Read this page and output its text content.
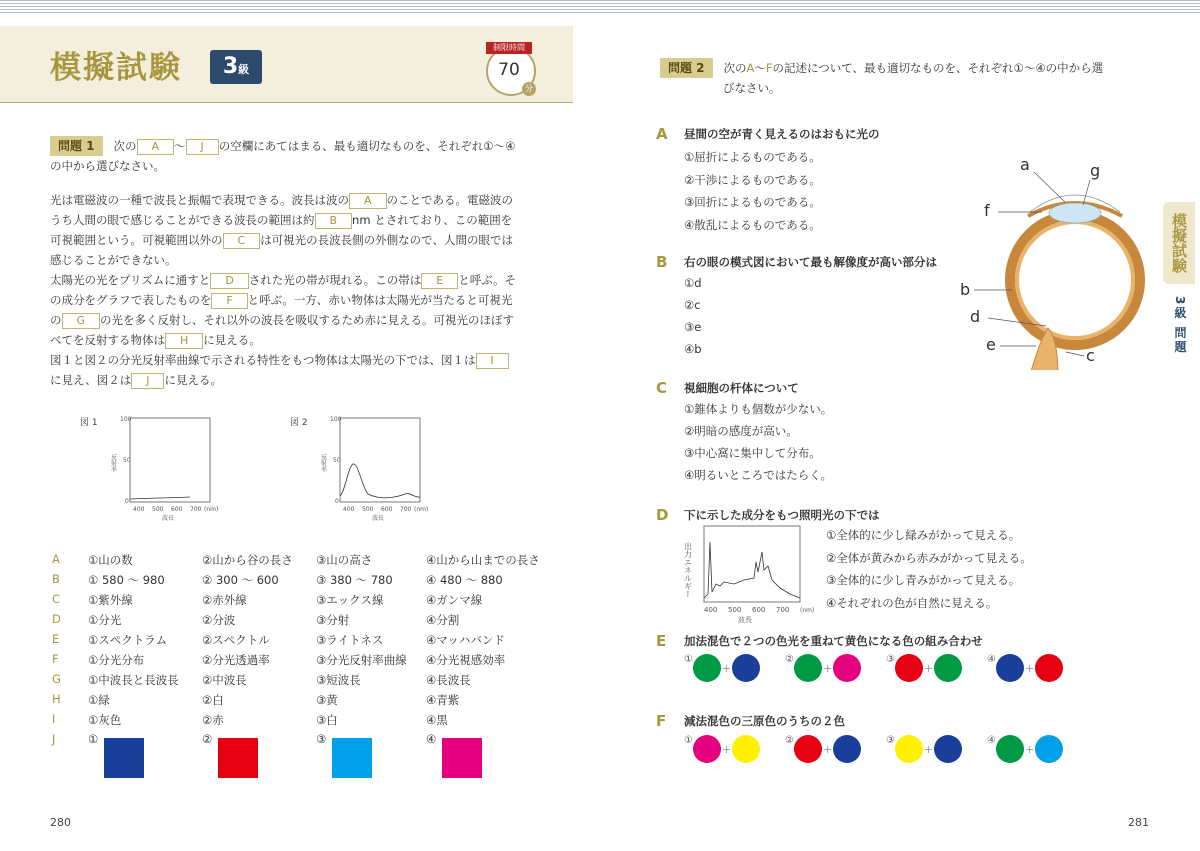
模擬試験	3級
制限時間
70
分
問題 1 次の A ～ J の空欄にあてはまる、最も適切なものを、それぞれ①～④
の中から選びなさい。
光は電磁波の一種で波長と振幅で表現できる。波長は波の A のことである。電磁波の
うち人間の眼で感じることができる波長の範囲は約 B nm とされており、この範囲を
可視範囲という。可視範囲以外の C は可視光の長波長側の外側なので、人間の眼では
感じることができない。
太陽光の光をプリズムに通すと D された光の帯が現れる。この帯は E と呼ぶ。そ
の成分をグラフで表したものを F と呼ぶ。一方、赤い物体は太陽光が当たると可視光
の G の光を多く反射し、それ以外の波長を吸収するため赤に見える。可視光のほぼす
べてを反射する物体は H に見える。
図１と図２の分光反射率曲線で示される特性をもつ物体は太陽光の下では、図１は I
に見え、図２は J に見える。
図 1	100
50
0
反射率
400 500 600 700 (nm)
波長
図 2	100
50
0
反射率
400 500 600 700 (nm)
波長
A ①山の数	②山から谷の長さ ③山の高さ	④山から山までの長さ
B ① 580 ～ 980	② 300 ～ 600	③ 380 ～ 780	④ 480 ～ 880
C ①紫外線	②赤外線	③エックス線	④ガンマ線
D ①分光	②分波	③分射	④分割
E ①スペクトラム	②スペクトル	③ライトネス	④マッハバンド
F	①分光分布	②分光透過率	③分光反射率曲線 ④分光視感効率
G ①中波長と長波長 ②中波長	③短波長	④長波長
H ①緑	②白	③黄	④青紫
I	①灰色	②赤	③白	④黒
J	①	②	③	④
280
問題 2 次のA～Fの記述について、最も適切なものを、それぞれ①～④の中から選
びなさい。
A 昼間の空が青く見えるのはおもに光の
①屈折によるものである。
②干渉によるものである。
③回折によるものである。
④散乱によるものである。
B 右の眼の模式図において最も解像度が高い部分は
①d
②c
③e
④b
a	g
f
b
d
e
c
C 視細胞の杆体について
①錐体よりも個数が少ない。
②明暗の感度が高い。
③中心窩に集中して分布。
④明るいところではたらく。
D 下に示した成分をもつ照明光の下では
出力エネルギー
400 500 600 700 (nm)
波長
①全体的に少し緑みがかって見える。
②全体が黄みから赤みがかって見える。
③全体的に少し青みがかって見える。
④それぞれの色が自然に見える。
E 加法混色で２つの色光を重ねて黄色になる色の組み合わせ
①+
②+
③+
④+
F 減法混色の三原色のうちの２色
①+
②+
③+
④+
281
模擬試験
3級 問題
